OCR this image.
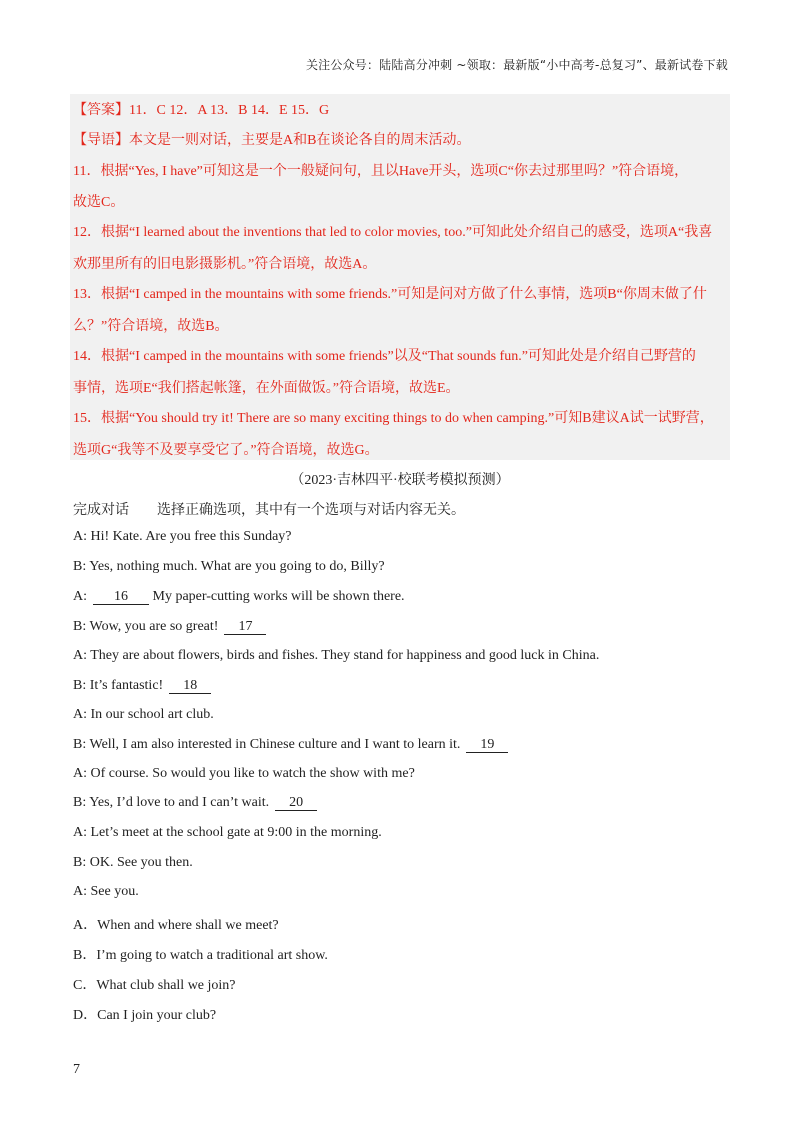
关注公众号：陆陆高分冲刺 ~领取：最新版“小中高考-总复习”、最新试卷下载
【答案】11．C 12．A 13．B 14．E 15．G
【导语】本文是一则对话，主要是A和B在谈论各自的周末活动。
11．根据“Yes, I have”可知这是一个一般疑问句，且以Have开头，选项C“你去过那里吗？”符合语境，
故选C。
12．根据“I learned about the inventions that led to color movies, too.”可知此处介绍自己的感受，选项A“我喜
欢那里所有的旧电影摄影机。”符合语境，故选A。
13．根据“I camped in the mountains with some friends.”可知是问对方做了什么事情，选项B“你周末做了什
么？”符合语境，故选B。
14．根据“I camped in the mountains with some friends”以及“That sounds fun.”可知此处是介绍自己野营的
事情，选项E“我们搭起帐篷，在外面做饭。”符合语境，故选E。
15．根据“You should try it! There are so many exciting things to do when camping.”可知B建议A试一试野营，
选项G“我等不及要享受它了。”符合语境，故选G。
（2023·吉林四平·校联考模拟预测）
完成对话　　选择正确选项，其中有一个选项与对话内容无关。
A: Hi! Kate. Are you free this Sunday?
B: Yes, nothing much. What are you going to do, Billy?
A: 16 My paper-cutting works will be shown there.
B: Wow, you are so great! 17
A: They are about flowers, birds and fishes. They stand for happiness and good luck in China.
B: It’s fantastic! 18
A: In our school art club.
B: Well, I am also interested in Chinese culture and I want to learn it. 19
A: Of course. So would you like to watch the show with me?
B: Yes, I’d love to and I can’t wait. 20
A: Let’s meet at the school gate at 9:00 in the morning.
B: OK. See you then.
A: See you.
A．When and where shall we meet?
B．I’m going to watch a traditional art show.
C．What club shall we join?
D．Can I join your club?
7
